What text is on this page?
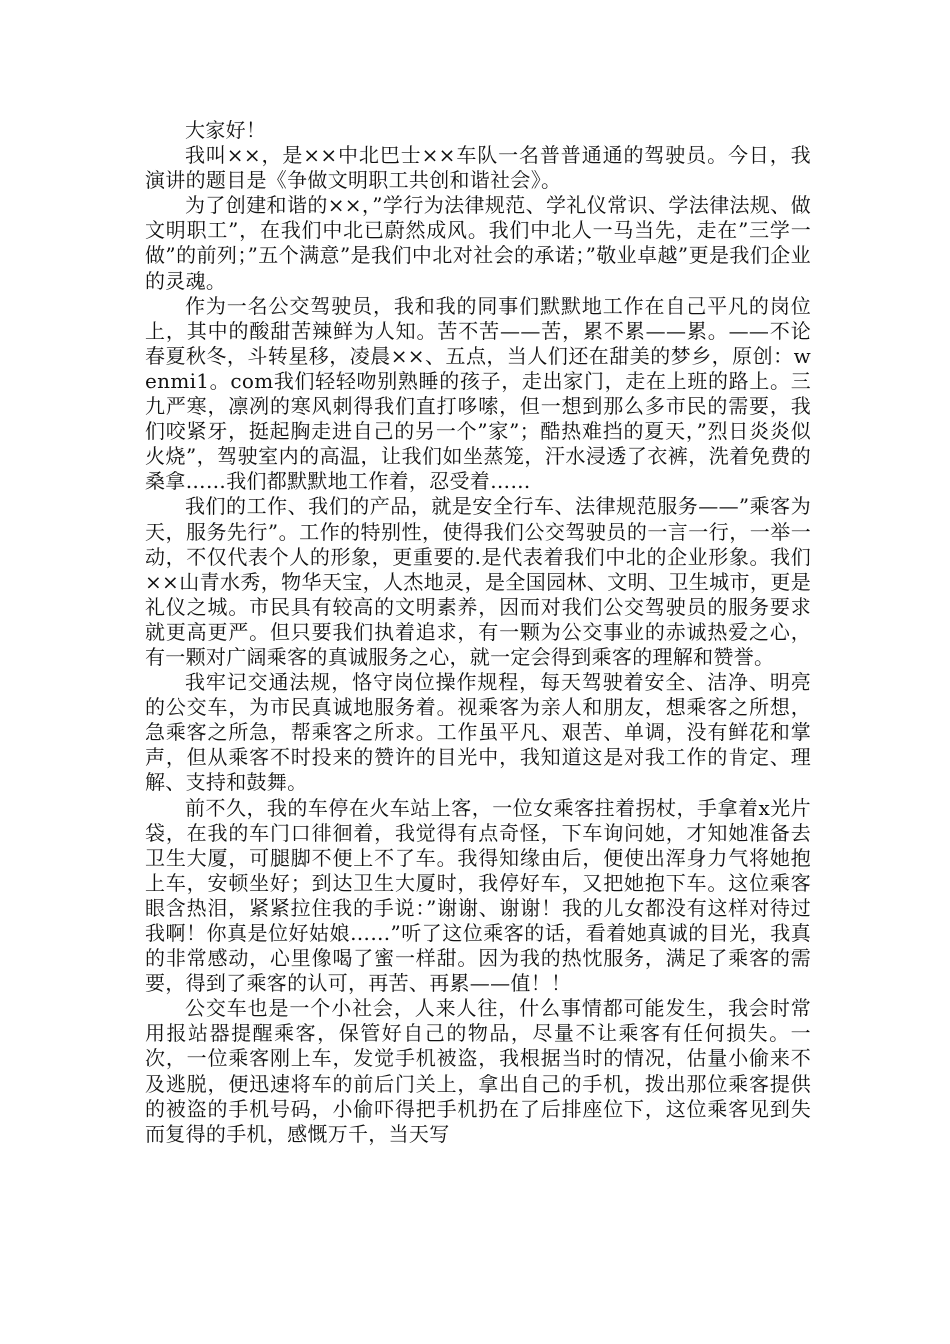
大家好！

我叫××，是××中北巴士××车队一名普普通通的驾驶员。今日，我演讲的题目是《争做文明职工共创和谐社会》。

为了创建和谐的××，”学行为法律规范、学礼仪常识、学法律法规、做文明职工”，在我们中北已蔚然成风。我们中北人一马当先，走在”三学一做”的前列；”五个满意”是我们中北对社会的承诺；”敬业卓越”更是我们企业的灵魂。

作为一名公交驾驶员，我和我的同事们默默地工作在自己平凡的岗位上，其中的酸甜苦辣鲜为人知。苦不苦——苦，累不累——累。——不论春夏秋冬，斗转星移，凌晨××、五点，当人们还在甜美的梦乡，原创：wenmi1。com我们轻轻吻别熟睡的孩子，走出家门，走在上班的路上。三九严寒，凛冽的寒风刺得我们直打哆嗦，但一想到那么多市民的需要，我们咬紧牙，挺起胸走进自己的另一个”家”；酷热难挡的夏天，”烈日炎炎似火烧”，驾驶室内的高温，让我们如坐蒸笼，汗水浸透了衣裤，洗着免费的桑拿……我们都默默地工作着，忍受着……

我们的工作、我们的产品，就是安全行车、法律规范服务——”乘客为天，服务先行”。工作的特别性，使得我们公交驾驶员的一言一行，一举一动，不仅代表个人的形象，更重要的.是代表着我们中北的企业形象。我们××山青水秀，物华天宝，人杰地灵，是全国园林、文明、卫生城市，更是礼仪之城。市民具有较高的文明素养，因而对我们公交驾驶员的服务要求就更高更严。但只要我们执着追求，有一颗为公交事业的赤诚热爱之心，有一颗对广阔乘客的真诚服务之心，就一定会得到乘客的理解和赞誉。

我牢记交通法规，恪守岗位操作规程，每天驾驶着安全、洁净、明亮的公交车，为市民真诚地服务着。视乘客为亲人和朋友，想乘客之所想，急乘客之所急，帮乘客之所求。工作虽平凡、艰苦、单调，没有鲜花和掌声，但从乘客不时投来的赞许的目光中，我知道这是对我工作的肯定、理解、支持和鼓舞。

前不久，我的车停在火车站上客，一位女乘客拄着拐杖，手拿着x光片袋，在我的车门口徘徊着，我觉得有点奇怪，下车询问她，才知她准备去卫生大厦，可腿脚不便上不了车。我得知缘由后，便使出浑身力气将她抱上车，安顿坐好；到达卫生大厦时，我停好车，又把她抱下车。这位乘客眼含热泪，紧紧拉住我的手说：”谢谢、谢谢！我的儿女都没有这样对待过我啊！你真是位好姑娘……”听了这位乘客的话，看着她真诚的目光，我真的非常感动，心里像喝了蜜一样甜。因为我的热忱服务，满足了乘客的需要，得到了乘客的认可，再苦、再累——值！！

公交车也是一个小社会，人来人往，什么事情都可能发生，我会时常用报站器提醒乘客，保管好自己的物品，尽量不让乘客有任何损失。一次，一位乘客刚上车，发觉手机被盗，我根据当时的情况，估量小偷来不及逃脱，便迅速将车的前后门关上，拿出自己的手机，拨出那位乘客提供的被盗的手机号码，小偷吓得把手机扔在了后排座位下，这位乘客见到失而复得的手机，感慨万千，当天写
